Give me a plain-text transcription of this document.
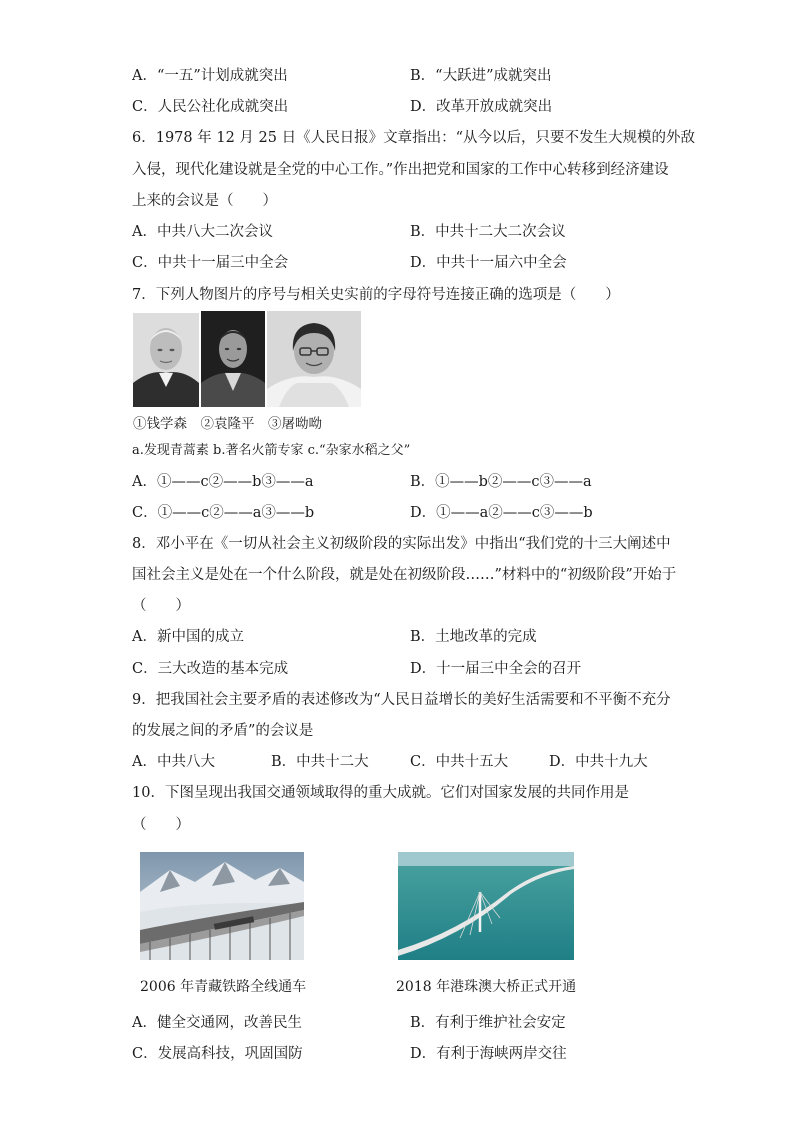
A．“一五”计划成就突出	B．“大跃进”成就突出
C．人民公社化成就突出	D．改革开放成就突出
6．1978 年 12 月 25 日《人民日报》文章指出：“从今以后，只要不发生大规模的外敌
入侵，现代化建设就是全党的中心工作。”作出把党和国家的工作中心转移到经济建设
上来的会议是（　　）
A．中共八大二次会议	B．中共十二大二次会议
C．中共十一届三中全会	D．中共十一届六中全会
7．下列人物图片的序号与相关史实前的字母符号连接正确的选项是（　　）
①钱学森　②袁隆平　③屠呦呦
a.发现青蒿素 b.著名火箭专家 c.“杂家水稻之父”
A．①——c②——b③——a	B．①——b②——c③——a
C．①——c②——a③——b	D．①——a②——c③——b
8．邓小平在《一切从社会主义初级阶段的实际出发》中指出“我们党的十三大阐述中
国社会主义是处在一个什么阶段，就是处在初级阶段……”材料中的“初级阶段”开始于
（　　）
A．新中国的成立	B．土地改革的完成
C．三大改造的基本完成	D．十一届三中全会的召开
9．把我国社会主要矛盾的表述修改为“人民日益增长的美好生活需要和不平衡不充分
的发展之间的矛盾”的会议是
A．中共八大	B．中共十二大	C．中共十五大	D．中共十九大
10．下图呈现出我国交通领域取得的重大成就。它们对国家发展的共同作用是
（　　）
2006 年青藏铁路全线通车	2018 年港珠澳大桥正式开通
A．健全交通网，改善民生	B．有利于维护社会安定
C．发展高科技，巩固国防	D．有利于海峡两岸交往
